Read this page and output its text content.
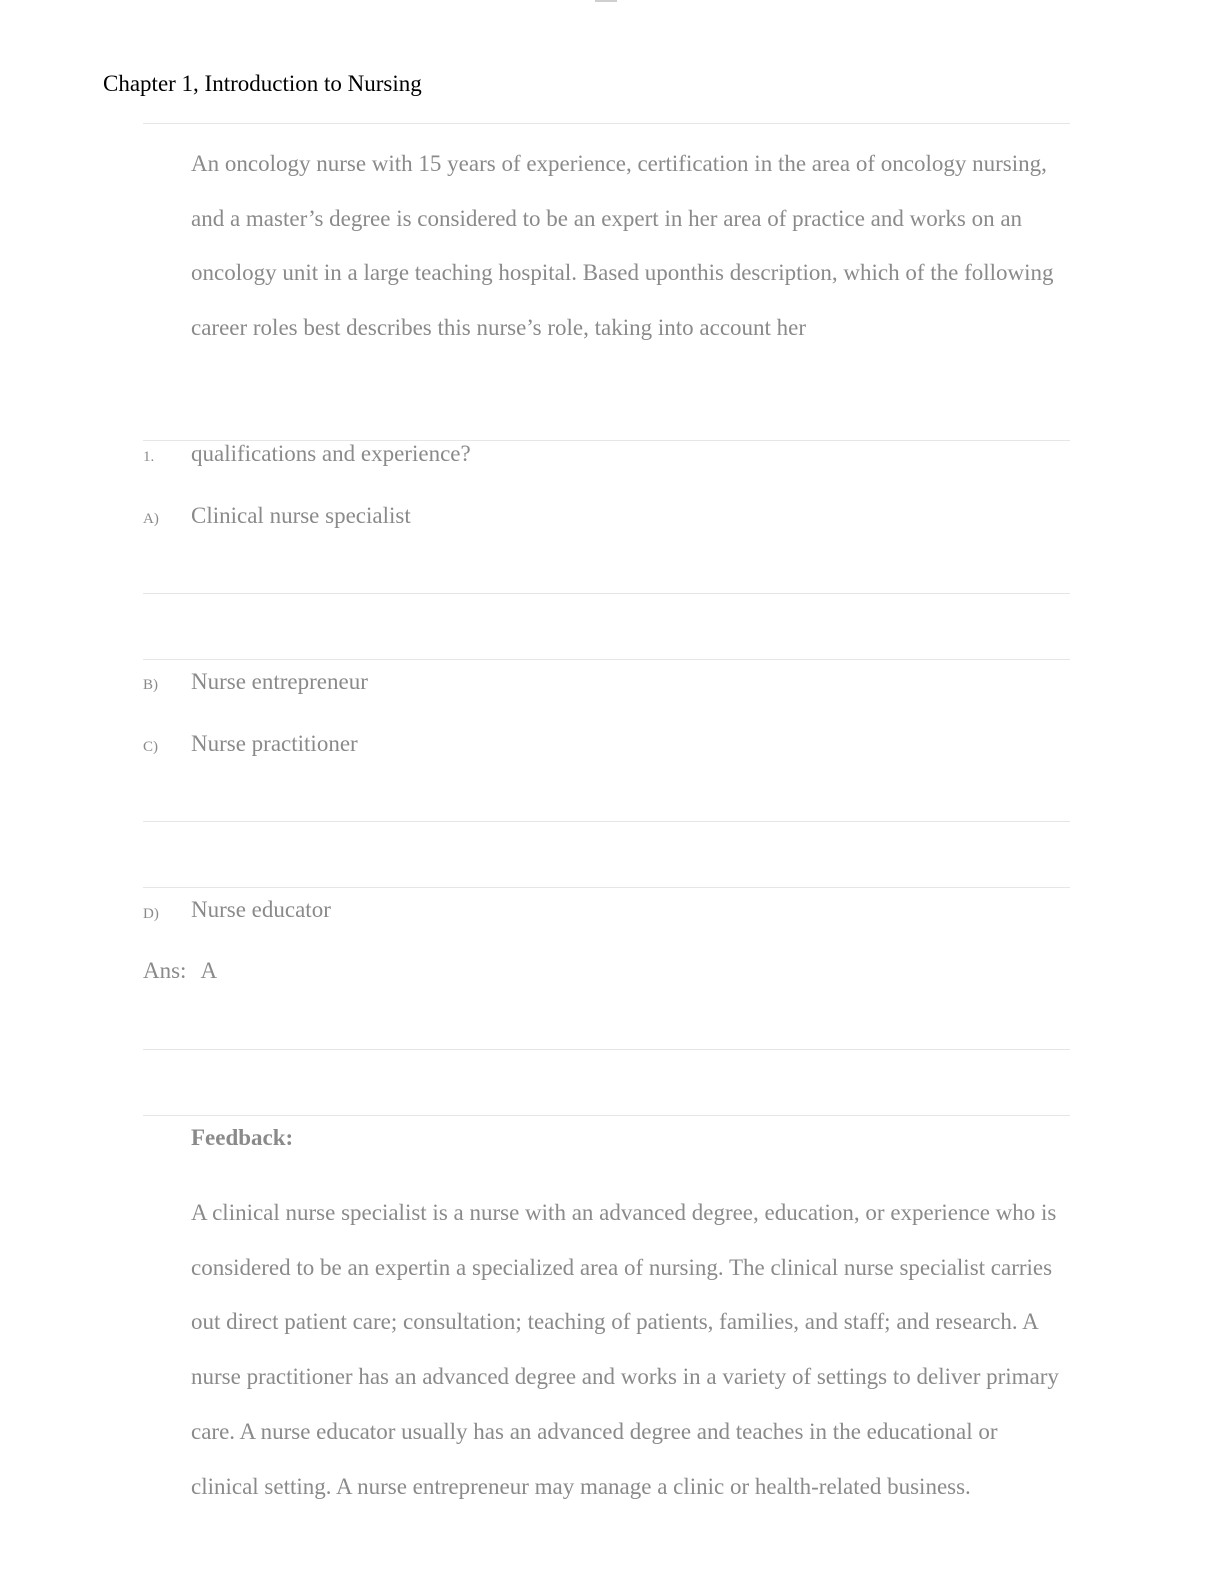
Chapter 1, Introduction to Nursing

An oncology nurse with 15 years of experience, certification in the area of oncology nursing, and a master’s degree is considered to be an expert in her area of practice and works on an oncology unit in a large teaching hospital. Based uponthis description, which of the following career roles best describes this nurse’s role, taking into account her

1. qualifications and experience?
A) Clinical nurse specialist
B) Nurse entrepreneur
C) Nurse practitioner
D) Nurse educator
Ans: A
Feedback:

A clinical nurse specialist is a nurse with an advanced degree, education, or experience who is considered to be an expertin a specialized area of nursing. The clinical nurse specialist carries out direct patient care; consultation; teaching of patients, families, and staff; and research. A nurse practitioner has an advanced degree and works in a variety of settings to deliver primary care. A nurse educator usually has an advanced degree and teaches in the educational or clinical setting. A nurse entrepreneur may manage a clinic or health-related business.
